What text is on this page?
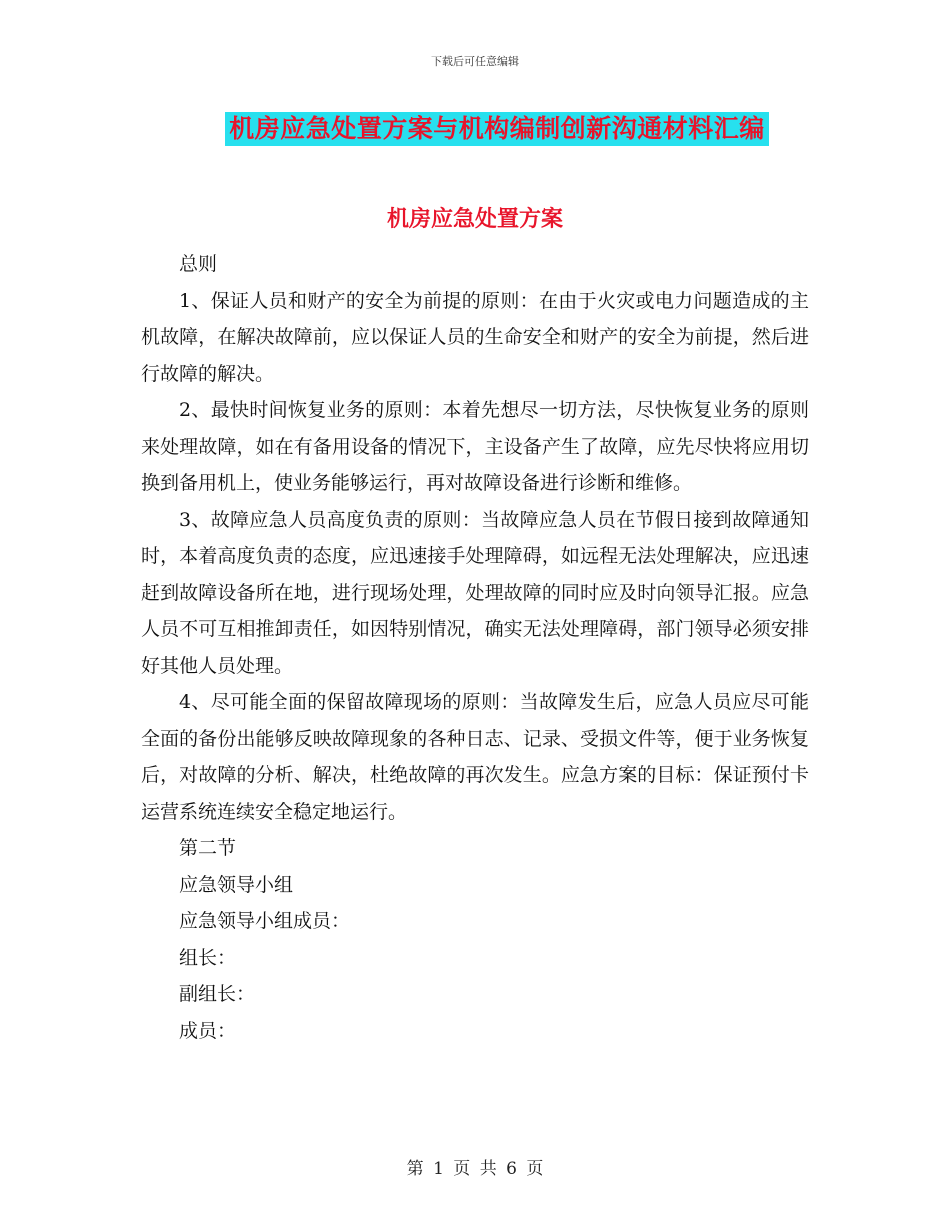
下载后可任意编辑
机房应急处置方案与机构编制创新沟通材料汇编
机房应急处置方案

总则

1、保证人员和财产的安全为前提的原则：在由于火灾或电力问题造成的主机故障，在解决故障前，应以保证人员的生命安全和财产的安全为前提，然后进行故障的解决。

2、最快时间恢复业务的原则：本着先想尽一切方法，尽快恢复业务的原则来处理故障，如在有备用设备的情况下，主设备产生了故障，应先尽快将应用切换到备用机上，使业务能够运行，再对故障设备进行诊断和维修。

3、故障应急人员高度负责的原则：当故障应急人员在节假日接到故障通知时，本着高度负责的态度，应迅速接手处理障碍，如远程无法处理解决，应迅速赶到故障设备所在地，进行现场处理，处理故障的同时应及时向领导汇报。应急人员不可互相推卸责任，如因特别情况，确实无法处理障碍，部门领导必须安排好其他人员处理。

4、尽可能全面的保留故障现场的原则：当故障发生后，应急人员应尽可能全面的备份出能够反映故障现象的各种日志、记录、受损文件等，便于业务恢复后，对故障的分析、解决，杜绝故障的再次发生。应急方案的目标：保证预付卡运营系统连续安全稳定地运行。

第二节

应急领导小组

应急领导小组成员：

组长：

副组长：

成员：

第 1 页 共 6 页
